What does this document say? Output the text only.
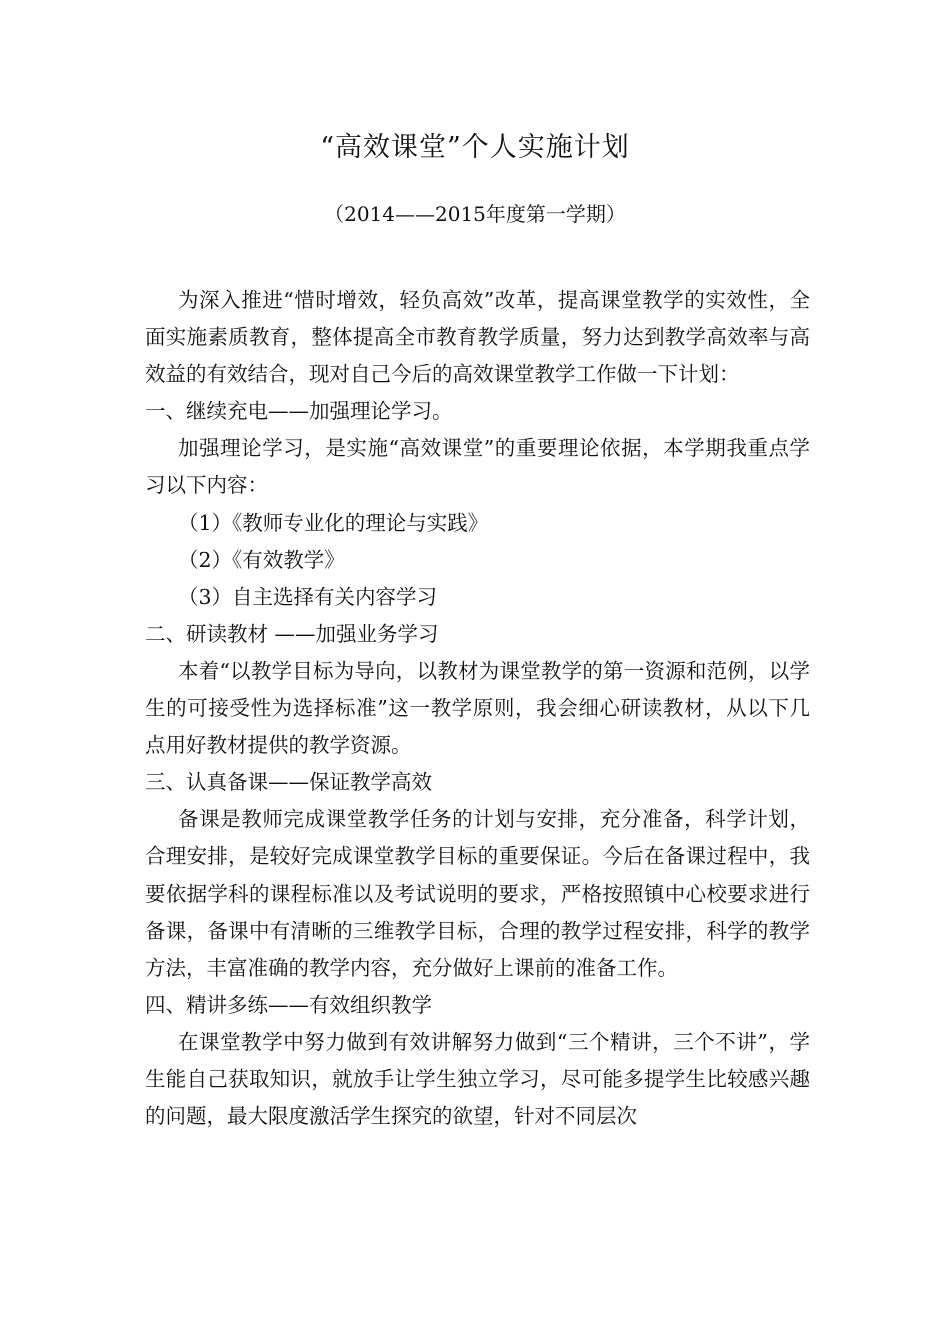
“高效课堂”个人实施计划
（2014——2015年度第一学期）

为深入推进“惜时增效，轻负高效”改革，提高课堂教学的实效性，全面实施素质教育，整体提高全市教育教学质量，努力达到教学高效率与高效益的有效结合，现对自己今后的高效课堂教学工作做一下计划：

一、继续充电——加强理论学习。

加强理论学习，是实施“高效课堂”的重要理论依据，本学期我重点学习以下内容：

（1）《教师专业化的理论与实践》

（2）《有效教学》

（3）自主选择有关内容学习

二、研读教材 ——加强业务学习

本着“以教学目标为导向，以教材为课堂教学的第一资源和范例，以学生的可接受性为选择标准”这一教学原则，我会细心研读教材，从以下几点用好教材提供的教学资源。

三、认真备课——保证教学高效

备课是教师完成课堂教学任务的计划与安排，充分准备，科学计划，合理安排，是较好完成课堂教学目标的重要保证。今后在备课过程中，我要依据学科的课程标准以及考试说明的要求，严格按照镇中心校要求进行备课，备课中有清晰的三维教学目标，合理的教学过程安排，科学的教学方法，丰富准确的教学内容，充分做好上课前的准备工作。

四、精讲多练——有效组织教学

在课堂教学中努力做到有效讲解努力做到“三个精讲，三个不讲”，学生能自己获取知识，就放手让学生独立学习，尽可能多提学生比较感兴趣的问题，最大限度激活学生探究的欲望，针对不同层次
